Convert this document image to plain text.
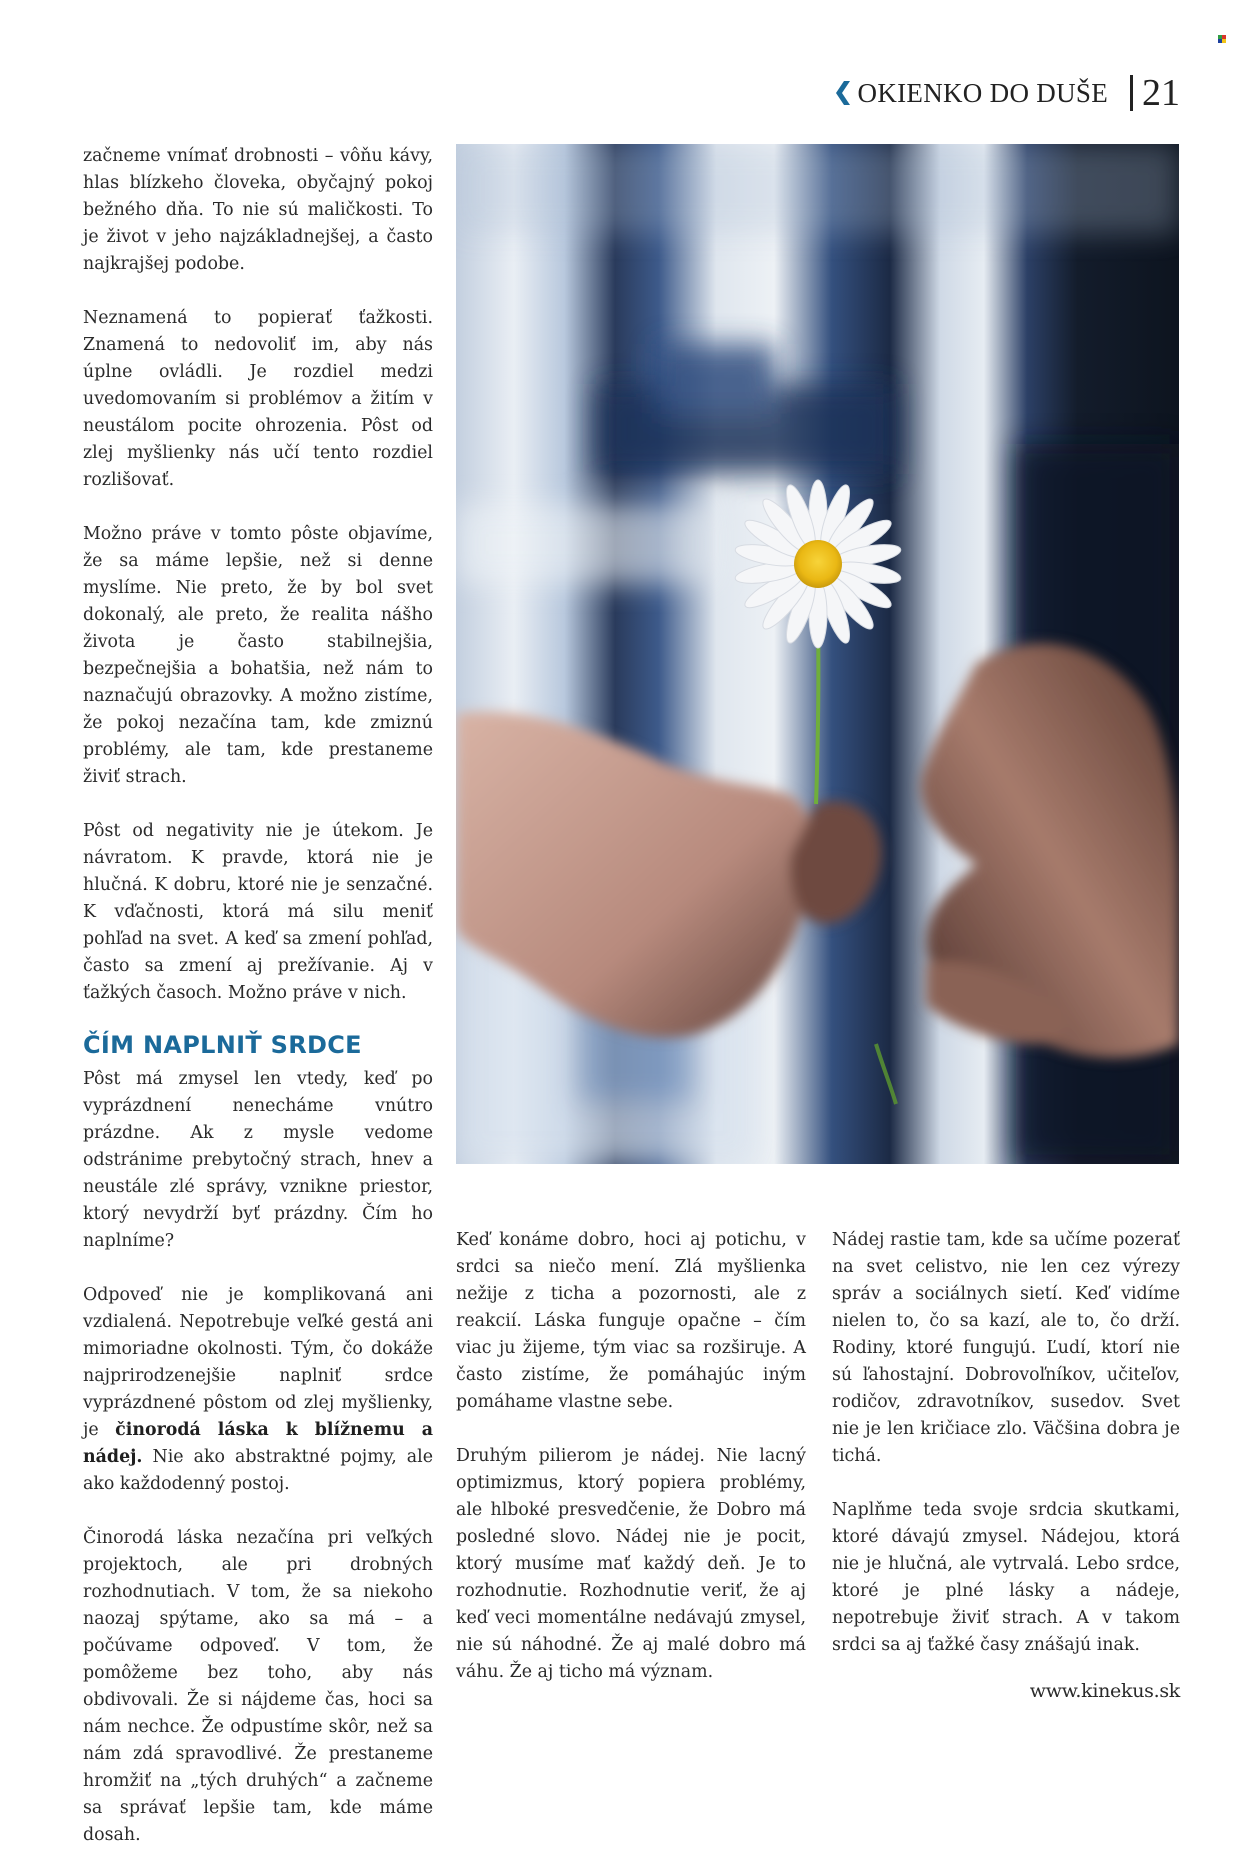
OKIENKO DO DUŠE 21

začneme vnímať drobnosti – vôňu kávy, hlas blízkeho človeka, obyčajný pokoj bežného dňa. To nie sú maličkosti. To je život v jeho najzákladnejšej, a často najkrajšej podobe.

Neznamená to popierať ťažkosti. Znamená to nedovoliť im, aby nás úplne ovládli. Je rozdiel medzi uvedomovaním si problémov a žitím v neustálom pocite ohrozenia. Pôst od zlej myšlienky nás učí tento rozdiel rozlišovať.

Možno práve v tomto pôste objavíme, že sa máme lepšie, než si denne myslíme. Nie preto, že by bol svet dokonalý, ale preto, že realita nášho života je často stabilnejšia, bezpečnejšia a bohatšia, než nám to naznačujú obrazovky. A možno zistíme, že pokoj nezačína tam, kde zmiznú problémy, ale tam, kde prestaneme živiť strach.

Pôst od negativity nie je útekom. Je návratom. K pravde, ktorá nie je hlučná. K dobru, ktoré nie je senzačné. K vďačnosti, ktorá má silu meniť pohľad na svet. A keď sa zmení pohľad, často sa zmení aj prežívanie. Aj v ťažkých časoch. Možno práve v nich.

ČÍM NAPLNIŤ SRDCE

Pôst má zmysel len vtedy, keď po vyprázdnení nenecháme vnútro prázdne. Ak z mysle vedome odstránime prebytočný strach, hnev a neustále zlé správy, vznikne priestor, ktorý nevydrží byť prázdny. Čím ho naplníme?

Odpoveď nie je komplikovaná ani vzdialená. Nepotrebuje veľké gestá ani mimoriadne okolnosti. Tým, čo dokáže najprirodzenejšie naplniť srdce vyprázdnené pôstom od zlej myšlienky, je činorodá láska k blížnemu a nádej. Nie ako abstraktné pojmy, ale ako každodenný postoj.

Činorodá láska nezačína pri veľkých projektoch, ale pri drobných rozhodnutiach. V tom, že sa niekoho naozaj spýtame, ako sa má – a počúvame odpoveď. V tom, že pomôžeme bez toho, aby nás obdivovali. Že si nájdeme čas, hoci sa nám nechce. Že odpustíme skôr, než sa nám zdá spravodlivé. Že prestaneme hromžiť na „tých druhých“ a začneme sa správať lepšie tam, kde máme dosah.

Keď konáme dobro, hoci aj potichu, v srdci sa niečo mení. Zlá myšlienka nežije z ticha a pozornosti, ale z reakcií. Láska funguje opačne – čím viac ju žijeme, tým viac sa rozširuje. A často zistíme, že pomáhajúc iným pomáhame vlastne sebe.

Druhým pilierom je nádej. Nie lacný optimizmus, ktorý popiera problémy, ale hlboké presvedčenie, že Dobro má posledné slovo. Nádej nie je pocit, ktorý musíme mať každý deň. Je to rozhodnutie. Rozhodnutie veriť, že aj keď veci momentálne nedávajú zmysel, nie sú náhodné. Že aj malé dobro má váhu. Že aj ticho má význam.

Nádej rastie tam, kde sa učíme pozerať na svet celistvo, nie len cez výrezy správ a sociálnych sietí. Keď vidíme nielen to, čo sa kazí, ale to, čo drží. Rodiny, ktoré fungujú. Ľudí, ktorí nie sú ľahostajní. Dobrovoľníkov, učiteľov, rodičov, zdravotníkov, susedov. Svet nie je len kričiace zlo. Väčšina dobra je tichá.

Naplňme teda svoje srdcia skutkami, ktoré dávajú zmysel. Nádejou, ktorá nie je hlučná, ale vytrvalá. Lebo srdce, ktoré je plné lásky a nádeje, nepotrebuje živiť strach. A v takom srdci sa aj ťažké časy znášajú inak.

www.kinekus.sk
